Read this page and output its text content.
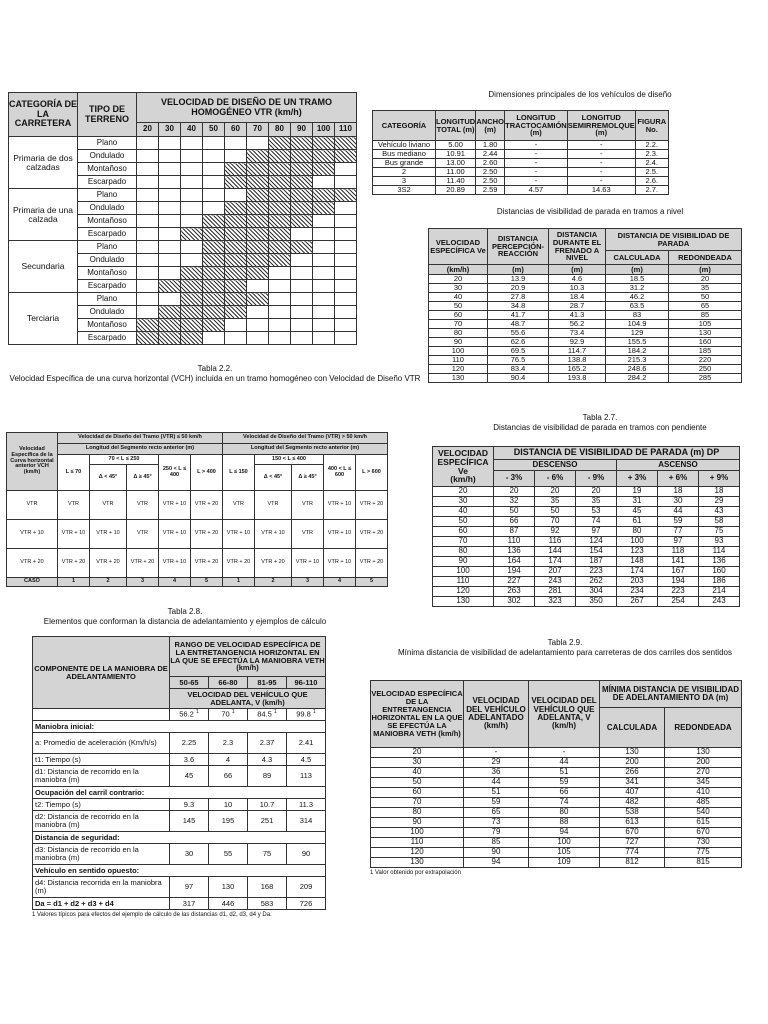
CATEGORÍA DE LA CARRETERA	TIPO DE TERRENO	VELOCIDAD DE DISEÑO DE UN TRAMO HOMOGÉNEO VTR (km/h)									
		20	30	40	50	60	70	80	90	100	110
Primaria de dos calzadas	Plano										
	Ondulado										
	Montañoso										
	Escarpado										
Primaria de una calzada	Plano										
	Ondulado										
	Montañoso										
	Escarpado										
Secundaria	Plano										
	Ondulado										
	Montañoso										
	Escarpado										
Terciaria	Plano										
	Ondulado										
	Montañoso										
	Escarpado										
Tabla 2.2.
Velocidad Específica de una curva horizontal (VCH) incluida en un tramo homogéneo con Velocidad de Diseño VTR
Dimensiones principales de los vehículos de diseño
CATEGORÍA	LONGITUD TOTAL (m)	ANCHO (m)	LONGITUD TRACTOCAMIÓN (m)	LONGITUD SEMIRREMOLQUE (m)	FIGURA No.
Vehículo liviano	5.00	1.80	-	-	2.2.
Bus mediano	10.91	2.44	-	-	2.3.
Bus grande	13.00	2.60	-	-	2.4.
2	11.00	2.50	-	-	2.5.
3	11.40	2.50	-	-	2.6.
3S2	20.89	2.59	4.57	14.63	2.7.
Distancias de visibilidad de parada en tramos a nivel
VELOCIDAD ESPECÍFICA Ve	DISTANCIA PERCEPCIÓN-REACCIÓN	DISTANCIA DURANTE EL FRENADO A NIVEL	DISTANCIA DE VISIBILIDAD DE PARADA	
			CALCULADA	REDONDEADA
(km/h)	(m)	(m)	(m)	(m)
20	13.9	4.6	18.5	20
30	20.9	10.3	31.2	35
40	27.8	18.4	46.2	50
50	34.8	28.7	63.5	65
60	41.7	41.3	83	85
70	48.7	56.2	104.9	105
80	55.6	73.4	129	130
90	62.6	92.9	155.5	160
100	69.5	114.7	184.2	185
110	76.5	138.8	215.3	220
120	83.4	165.2	248.6	250
130	90.4	193.8	284.2	285
Tabla 2.7.
Distancias de visibilidad de parada en tramos con pendiente
Velocidad Específica de la Curva horizontal anterior VCH (km/h)	Velocidad de Diseño del Tramo (VTR) ≤ 50 km/h					Velocidad de Diseño del Tramo (VTR) > 50 km/h				
	Longitud del Segmento recto anterior (m)					Longitud del Segmento recto anterior (m)				
	L ≤ 70	70 < L ≤ 250		250 < L ≤ 400	L > 400	L ≤ 150	150 < L ≤ 400		400 < L ≤ 600	L > 600
		Δ < 45°	Δ ≥ 45°				Δ < 45°	Δ ≥ 45°		
VTR	VTR	VTR	VTR	VTR + 10	VTR + 20	VTR	VTR	VTR	VTR + 10	VTR + 20
VTR + 10	VTR + 10	VTR + 10	VTR	VTR + 10	VTR + 20	VTR + 10	VTR + 10	VTR	VTR + 10	VTR + 20
VTR + 20	VTR + 20	VTR + 20	VTR + 20	VTR + 10	VTR + 20	VTR + 20	VTR + 20	VTR + 10	VTR + 10	VTR + 20
CASO	1	2	3	4	5	1	2	3	4	5
Tabla 2.8.
Elementos que conforman la distancia de adelantamiento y ejemplos de cálculo
VELOCIDAD ESPECÍFICA
Ve
(km/h)	DISTANCIA DE VISIBILIDAD DE PARADA (m) DP					
	DESCENSO			ASCENSO		
	- 3%	- 6%	- 9%	+ 3%	+ 6%	+ 9%
20	20	20	20	19	18	18
30	32	35	35	31	30	29
40	50	50	53	45	44	43
50	66	70	74	61	59	58
60	87	92	97	80	77	75
70	110	116	124	100	97	93
80	136	144	154	123	118	114
90	164	174	187	148	141	136
100	194	207	223	174	167	160
110	227	243	262	203	194	186
120	263	281	304	234	223	214
130	302	323	350	267	254	243
Tabla 2.9.
Mínima distancia de visibilidad de adelantamiento para carreteras de dos carriles dos sentidos
COMPONENTE DE LA MANIOBRA DE ADELANTAMIENTO	RANGO DE VELOCIDAD ESPECÍFICA DE LA ENTRETANGENCIA HORIZONTAL EN LA QUE SE EFECTÚA LA MANIOBRA VETH (km/h)			
	50-65	66-80	81-95	96-110
	VELOCIDAD DEL VEHÍCULO QUE ADELANTA, V (km/h)			
	56.2 $^1$	70 $^1$	84.5 $^1$	99.8 $^1$
Maniobra inicial:				
a: Promedio de aceleración (Km/h/s)	2.25	2.3	2.37	2.41
t1: Tiempo (s)	3.6	4	4.3	4.5
d1: Distancia de recorrido en la maniobra (m)	45	66	89	113
Ocupación del carril contrario:				
t2: Tiempo (s)	9.3	10	10.7	11.3
d2: Distancia de recorrido en la maniobra (m)	145	195	251	314
Distancia de seguridad:				
d3: Distancia de recorrido en la maniobra (m)	30	55	75	90
Vehículo en sentido opuesto:				
d4: Distancia recorrida en la maniobra (m)	97	130	168	209
Da = d1 + d2 + d3 + d4	317	446	583	726
1 Valores típicos para efectos del ejemplo de cálculo de las distancias d1, d2, d3, d4 y Da.
VELOCIDAD ESPECÍFICA DE LA ENTRETANGENCIA HORIZONTAL EN LA QUE SE EFECTÚA LA MANIOBRA VETH (km/h)	VELOCIDAD DEL VEHÍCULO ADELANTADO (km/h)	VELOCIDAD DEL VEHÍCULO QUE ADELANTA, V (km/h)	MÍNIMA DISTANCIA DE VISIBILIDAD DE ADELANTAMIENTO DA (m)	
			CALCULADA	REDONDEADA
20	-	-	130	130
30	29	44	200	200
40	36	51	266	270
50	44	59	341	345
60	51	66	407	410
70	59	74	482	485
80	65	80	538	540
90	73	88	613	615
100	79	94	670	670
110	85	100	727	730
120	90	105	774	775
130	94	109	812	815
1 Valor obtenido por extrapolación
